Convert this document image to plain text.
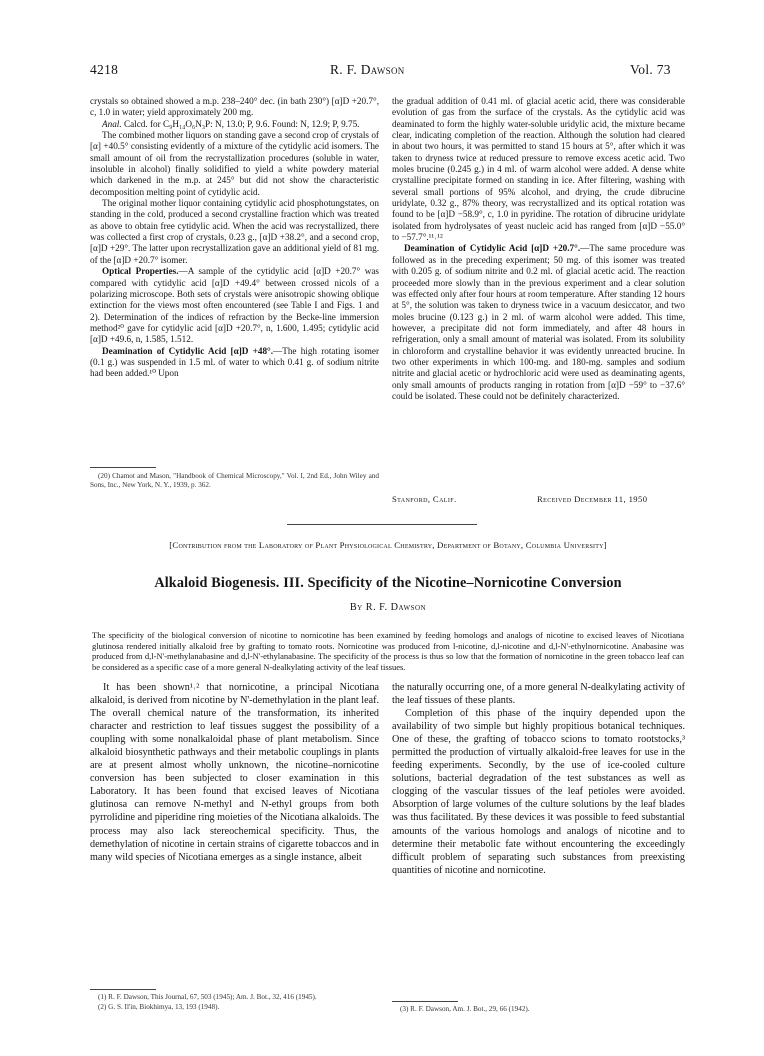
4218	R. F. Dawson	Vol. 73

crystals so obtained showed a m.p. 238–240° dec. (in bath 230°) [α]D +20.7°, c, 1.0 in water; yield approximately 200 mg.

Anal. Calcd. for C₉H₁₄O₆N₃P: N, 13.0; P, 9.6. Found: N, 12.9; P, 9.75.

The combined mother liquors on standing gave a second crop of crystals of [α] +40.5° consisting evidently of a mixture of the cytidylic acid isomers. The small amount of oil from the recrystallization procedures (soluble in water, insoluble in alcohol) finally solidified to yield a white powdery material which darkened in the m.p. at 245° but did not show the characteristic decomposition melting point of cytidylic acid.

The original mother liquor containing cytidylic acid phosphotungstates, on standing in the cold, produced a second crystalline fraction which was treated as above to obtain free cytidylic acid. When the acid was recrystallized, there was collected a first crop of crystals, 0.23 g., [α]D +38.2°, and a second crop, [α]D +29°. The latter upon recrystallization gave an additional yield of 81 mg. of the [α]D +20.7° isomer.

Optical Properties.—A sample of the cytidylic acid [α]D +20.7° was compared with cytidylic acid [α]D +49.4° between crossed nicols of a polarizing microscope. Both sets of crystals were anisotropic showing oblique extinction for the views most often encountered (see Table I and Figs. 1 and 2). Determination of the indices of refraction by the Becke-line immersion method²⁰ gave for cytidylic acid [α]D +20.7°, n, 1.600, 1.495; cytidylic acid [α]D +49.6, n, 1.585, 1.512.

Deamination of Cytidylic Acid [α]D +48°.—The high rotating isomer (0.1 g.) was suspended in 1.5 ml. of water to which 0.41 g. of sodium nitrite had been added.¹⁰ Upon

(20) Chamot and Mason, "Handbook of Chemical Microscopy," Vol. I, 2nd Ed., John Wiley and Sons, Inc., New York, N. Y., 1939, p. 362.

the gradual addition of 0.41 ml. of glacial acetic acid, there was considerable evolution of gas from the surface of the crystals. As the cytidylic acid was deaminated to form the highly water-soluble uridylic acid, the mixture became clear, indicating completion of the reaction. Although the solution had cleared in about two hours, it was permitted to stand 15 hours at 5°, after which it was taken to dryness twice at reduced pressure to remove excess acetic acid. Two moles brucine (0.245 g.) in 4 ml. of warm alcohol were added. A dense white crystalline precipitate formed on standing in ice. After filtering, washing with several small portions of 95% alcohol, and drying, the crude dibrucine uridylate, 0.32 g., 87% theory, was recrystallized and its optical rotation was found to be [α]D −58.9°, c, 1.0 in pyridine. The rotation of dibrucine uridylate isolated from hydrolysates of yeast nucleic acid has ranged from [α]D −55.0° to −57.7°.¹¹˒¹²

Deamination of Cytidylic Acid [α]D +20.7°.—The same procedure was followed as in the preceding experiment; 50 mg. of this isomer was treated with 0.205 g. of sodium nitrite and 0.2 ml. of glacial acetic acid. The reaction proceeded more slowly than in the previous experiment and a clear solution was effected only after four hours at room temperature. After standing 12 hours at 5°, the solution was taken to dryness twice in a vacuum desiccator, and two moles brucine (0.123 g.) in 2 ml. of warm alcohol were added. This time, however, a precipitate did not form immediately, and after 48 hours in refrigeration, only a small amount of material was isolated. From its solubility in chloroform and crystalline behavior it was evidently unreacted brucine. In two other experiments in which 100-mg. and 180-mg. samples and sodium nitrite and glacial acetic or hydrochloric acid were used as deaminating agents, only small amounts of products ranging in rotation from [α]D −59° to −37.6° could be isolated. These could not be definitely characterized.

Stanford, Calif.	Received December 11, 1950
[Contribution from the Laboratory of Plant Physiological Chemistry, Department of Botany, Columbia University]
Alkaloid Biogenesis. III. Specificity of the Nicotine–Nornicotine Conversion
By R. F. Dawson
The specificity of the biological conversion of nicotine to nornicotine has been examined by feeding homologs and analogs of nicotine to excised leaves of Nicotiana glutinosa rendered initially alkaloid free by grafting to tomato roots. Nornicotine was produced from l-nicotine, d,l-nicotine and d,l-N'-ethylnornicotine. Anabasine was produced from d,l-N'-methylanabasine and d,l-N'-ethylanabasine. The specificity of the process is thus so low that the formation of nornicotine in the green tobacco leaf can be considered as a specific case of a more general N-dealkylating activity of the leaf tissues.

It has been shown¹˒² that nornicotine, a principal Nicotiana alkaloid, is derived from nicotine by N'-demethylation in the plant leaf. The overall chemical nature of the transformation, its inherited character and restriction to leaf tissues suggest the possibility of a coupling with some nonalkaloidal phase of plant metabolism. Since alkaloid biosynthetic pathways and their metabolic couplings in plants are at present almost wholly unknown, the nicotine–nornicotine conversion has been subjected to closer examination in this Laboratory. It has been found that excised leaves of Nicotiana glutinosa can remove N-methyl and N-ethyl groups from both pyrrolidine and piperidine ring moieties of the Nicotiana alkaloids. The process may also lack stereochemical specificity. Thus, the demethylation of nicotine in certain strains of cigarette tobaccos and in many wild species of Nicotiana emerges as a single instance, albeit

(1) R. F. Dawson, This Journal, 67, 503 (1945); Am. J. Bot., 32, 416 (1945).

(2) G. S. Il'in, Biokhimya, 13, 193 (1948).

the naturally occurring one, of a more general N-dealkylating activity of the leaf tissues of these plants.

Completion of this phase of the inquiry depended upon the availability of two simple but highly propitious botanical techniques. One of these, the grafting of tobacco scions to tomato rootstocks,³ permitted the production of virtually alkaloid-free leaves for use in the feeding experiments. Secondly, by the use of ice-cooled culture solutions, bacterial degradation of the test substances as well as clogging of the vascular tissues of the leaf petioles were avoided. Absorption of large volumes of the culture solutions by the leaf blades was thus facilitated. By these devices it was possible to feed substantial amounts of the various homologs and analogs of nicotine and to determine their metabolic fate without encountering the exceedingly difficult problem of separating such substances from preexisting quantities of nicotine and nornicotine.

(3) R. F. Dawson, Am. J. Bot., 29, 66 (1942).
